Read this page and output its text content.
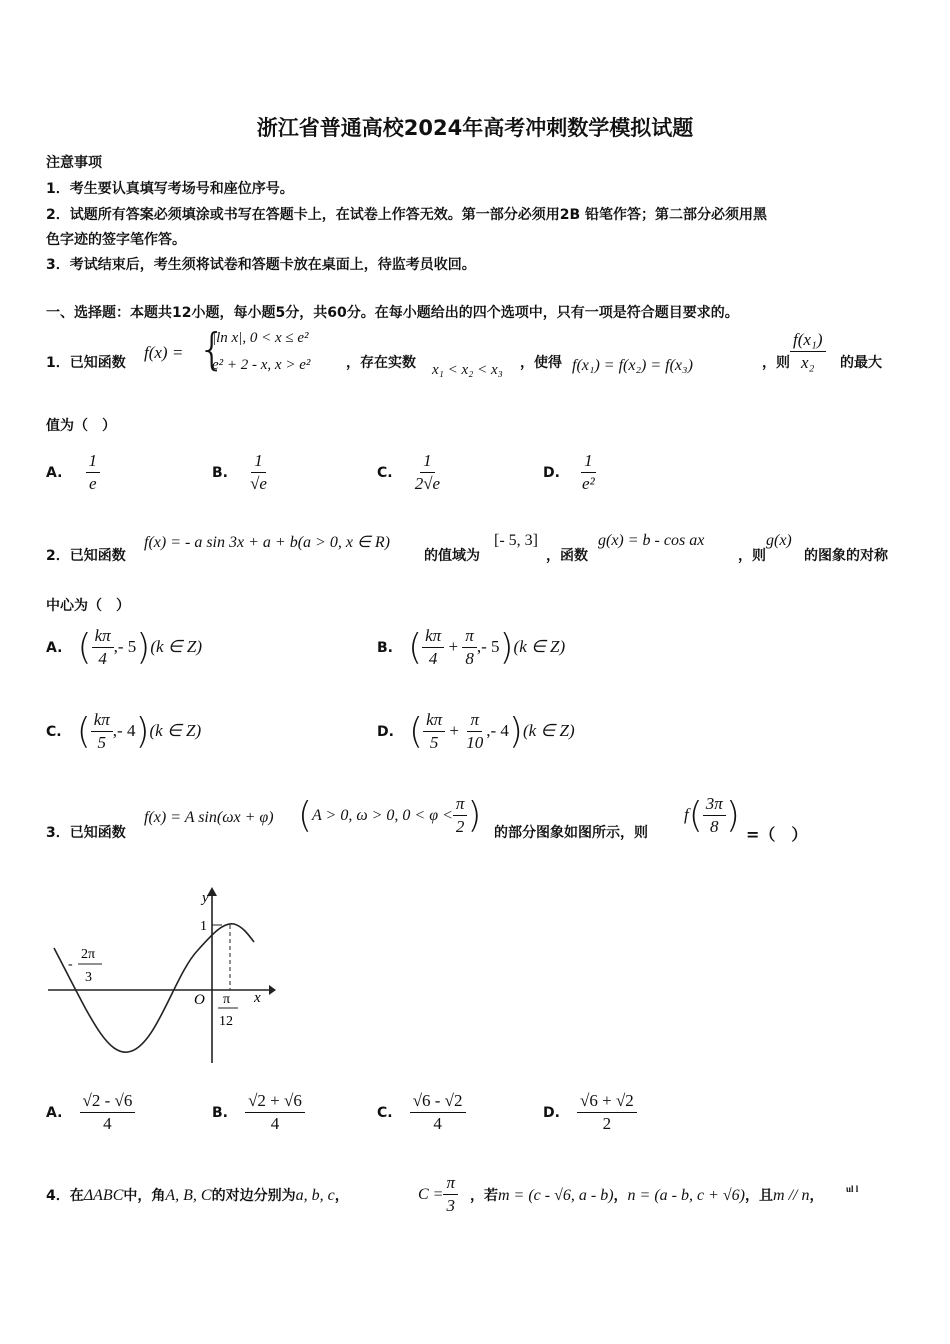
浙江省普通高校2024年高考冲刺数学模拟试题
注意事项
1．考生要认真填写考场号和座位序号。
2．试题所有答案必须填涂或书写在答题卡上，在试卷上作答无效。第一部分必须用2B 铅笔作答；第二部分必须用黑
色字迹的签字笔作答。
3．考试结束后，考生须将试卷和答题卡放在桌面上，待监考员收回。
一、选择题：本题共12小题，每小题5分，共60分。在每小题给出的四个选项中，只有一项是符合题目要求的。
1．已知函数
f(x) = {
|ln x|, 0 < x ≤ e²
e² + 2 - x, x > e²	，存在实数 x₁ < x₂ < x₃ ，使得 f(x₁) = f(x₂) = f(x₃)	，则 $\frac{\text{f(x₁)}}{\text{x₂}}$ 的最大
值为（　）
A. $\frac{1}{e}$	B. $\frac{1}{√e}$	C. $\frac{1}{2√e}$	D. $\frac{1}{\text{e²}}$
2．已知函数
f(x) = - a sin 3x + a + b(a > 0, x ∈ R)
的值域为
[- 5, 3]
，函数
g(x) = b - cos ax
，则
g(x)
的图象的对称
中心为（　）
A. ( $\frac{k\pi}{4}$ ,- 5)(k ∈ Z)	B. ( $\frac{k\pi}{4} + \frac{\pi}{8}$ ,- 5)(k ∈ Z)
C. ( $\frac{k\pi}{5}$ ,- 4)(k ∈ Z)	D. ( $\frac{k\pi}{5} + \frac{\pi}{10}$ ,- 4)(k ∈ Z)
3．已知函数
f(x) = A sin(ωx + φ) (A > 0, ω > 0, $0 < \varphi < \frac{\pi}{2}$ ) 的部分图象如图所示，则
$f( \frac{3\pi}{8}$ ) =（　）
y
1
x
O
-
2π
3
π
12
A. $\frac{√2 - √6}{4}$	B. $\frac{√2 + √6}{4}$	C. $\frac{√6 - √2}{4}$	D. $\frac{√6 + √2}{2}$
4．在ΔABC中，角A, B, C的对边分别为a, b, c，	$C = \frac{\pi}{3}$ ，若m = (c - √6, a - b)，n = (a - b, c + √6)，且m // n，	ul l
